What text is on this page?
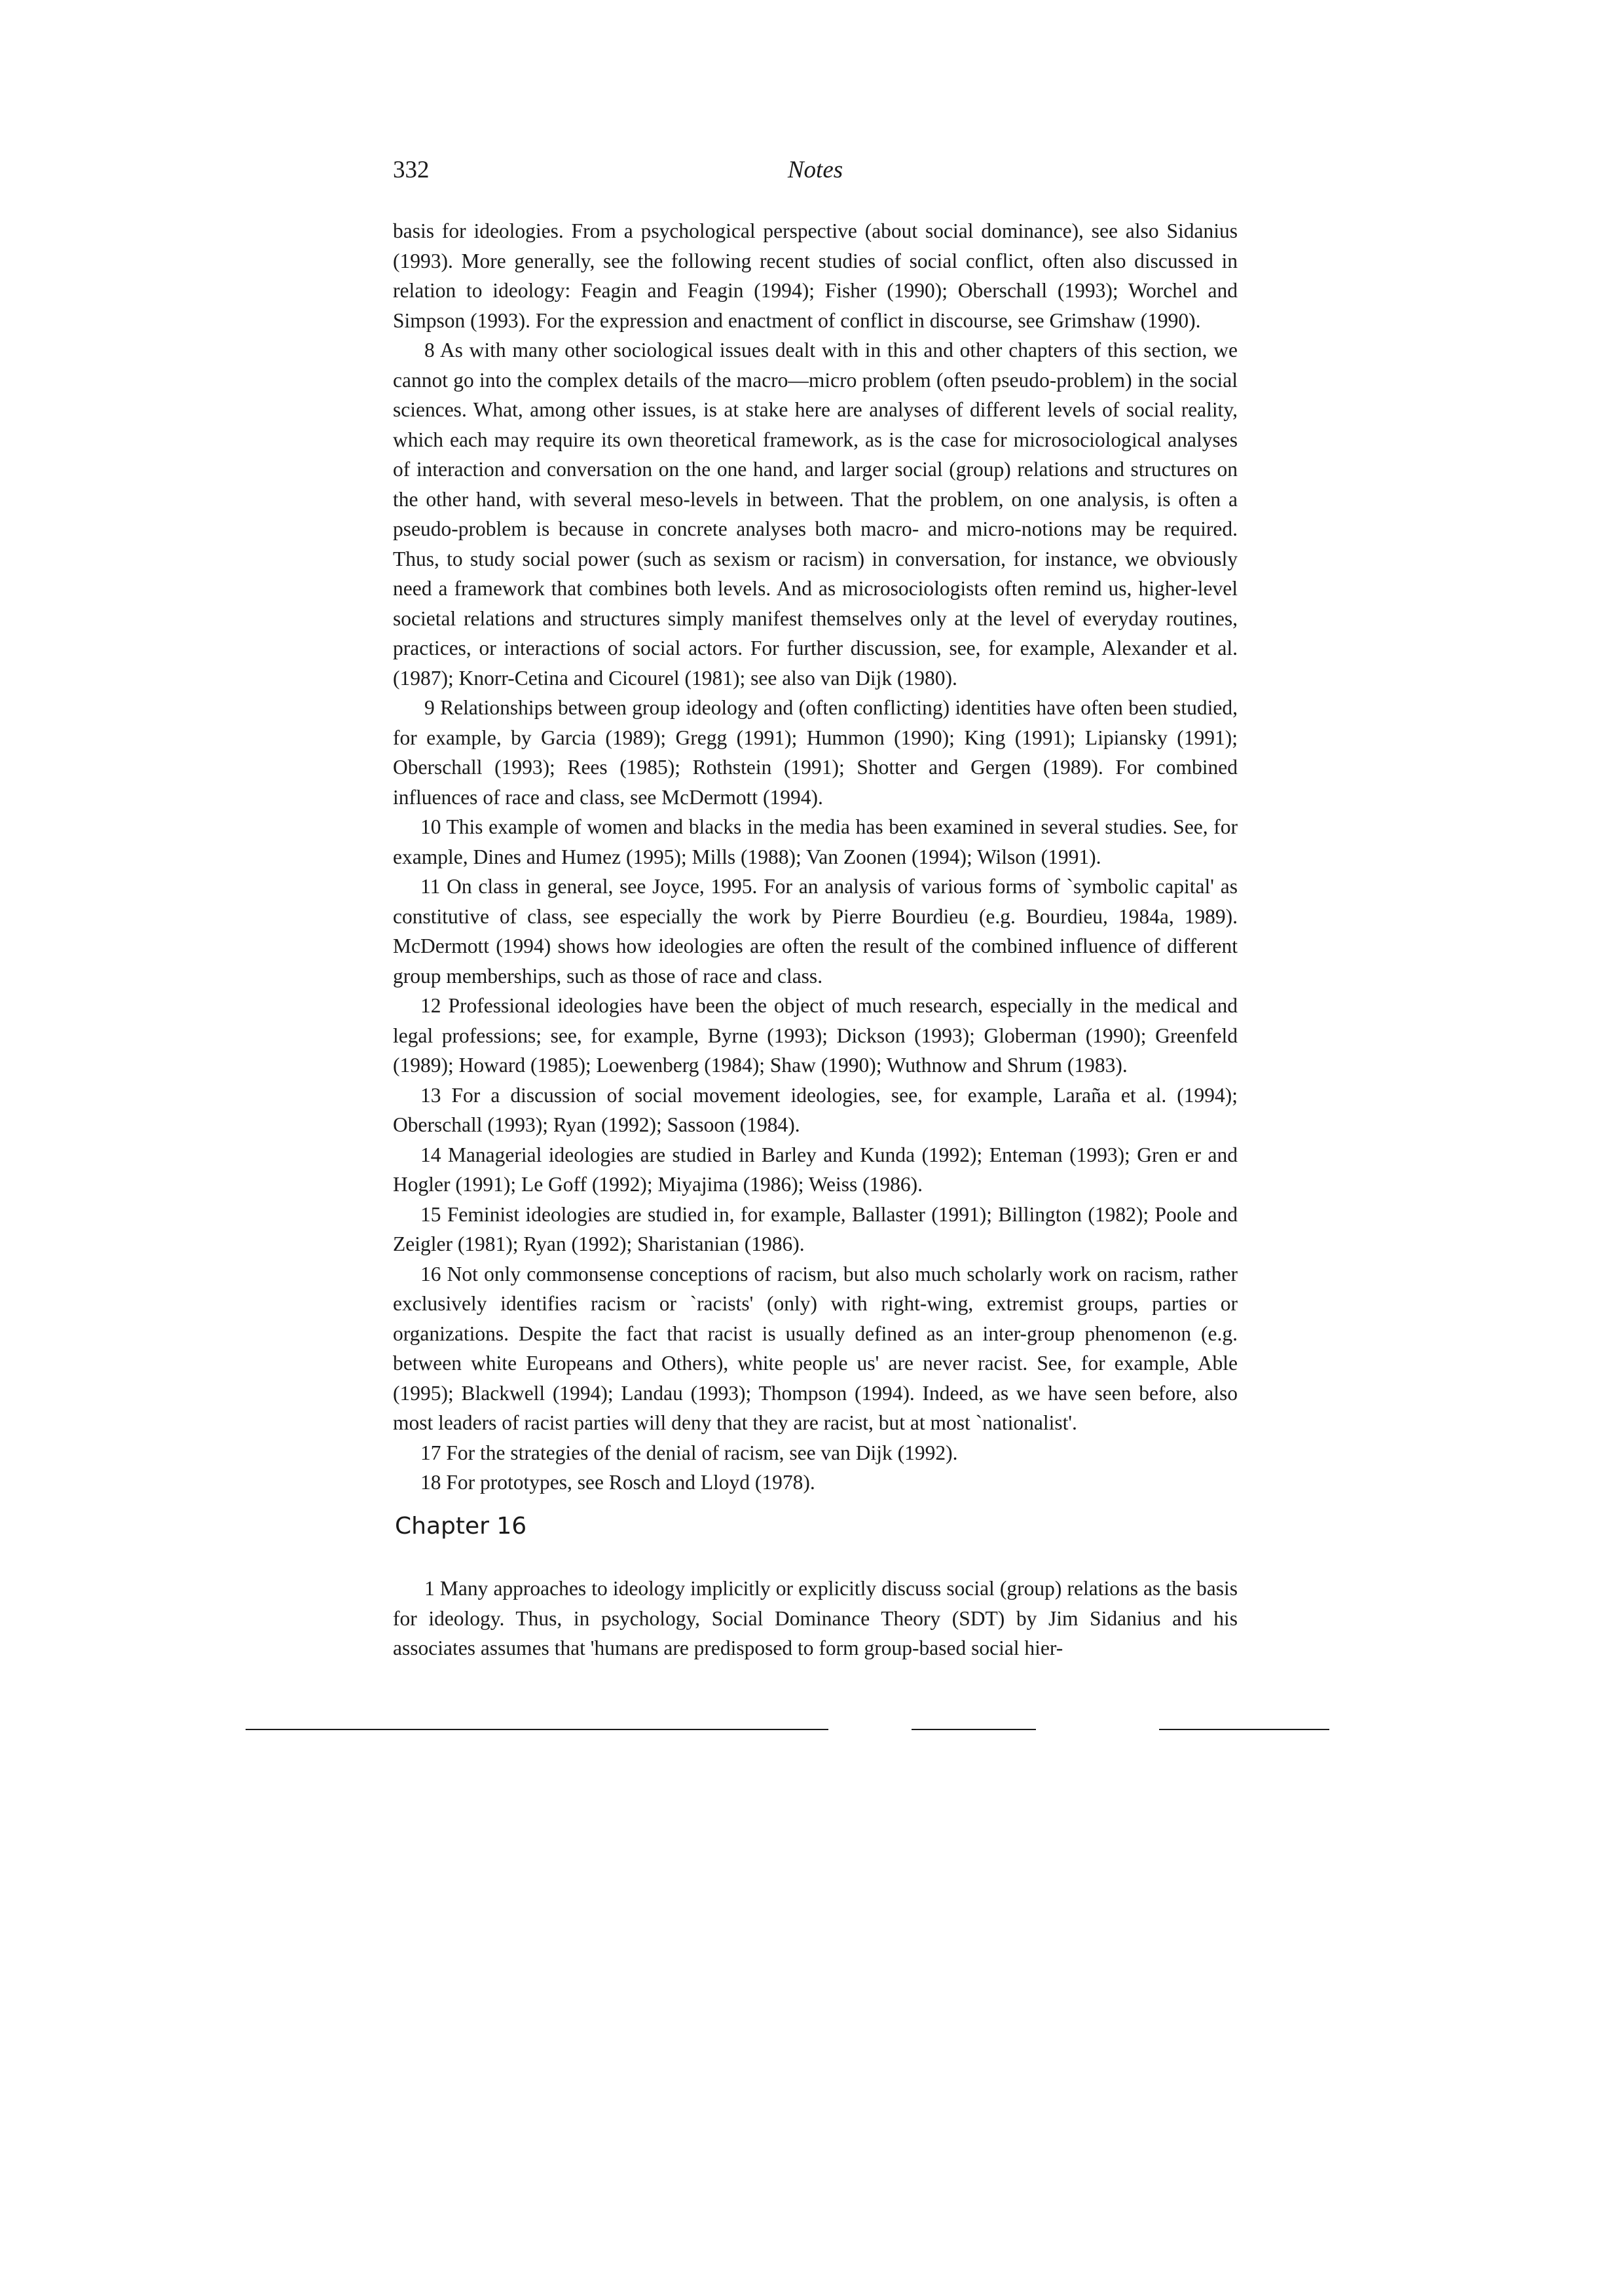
332	Notes

basis for ideologies. From a psychological perspective (about social dominance), see also Sidanius (1993). More generally, see the following recent studies of social conflict, often also discussed in relation to ideology: Feagin and Feagin (1994); Fisher (1990); Oberschall (1993); Worchel and Simpson (1993). For the expression and enactment of conflict in discourse, see Grimshaw (1990).

8 As with many other sociological issues dealt with in this and other chapters of this section, we cannot go into the complex details of the macro—micro problem (often pseudo-problem) in the social sciences. What, among other issues, is at stake here are analyses of different levels of social reality, which each may require its own theoretical framework, as is the case for microsociological analyses of interaction and conversation on the one hand, and larger social (group) relations and structures on the other hand, with several meso-levels in between. That the problem, on one analysis, is often a pseudo-problem is because in concrete analyses both macro- and micro-notions may be required. Thus, to study social power (such as sexism or racism) in conversation, for instance, we obviously need a framework that combines both levels. And as microsociologists often remind us, higher-level societal relations and structures simply manifest themselves only at the level of everyday routines, practices, or interactions of social actors. For further discussion, see, for example, Alexander et al. (1987); Knorr-Cetina and Cicourel (1981); see also van Dijk (1980).

9 Relationships between group ideology and (often conflicting) identities have often been studied, for example, by Garcia (1989); Gregg (1991); Hummon (1990); King (1991); Lipiansky (1991); Oberschall (1993); Rees (1985); Rothstein (1991); Shotter and Gergen (1989). For combined influences of race and class, see McDermott (1994).

10 This example of women and blacks in the media has been examined in several studies. See, for example, Dines and Humez (1995); Mills (1988); Van Zoonen (1994); Wilson (1991).

11 On class in general, see Joyce, 1995. For an analysis of various forms of `symbolic capital' as constitutive of class, see especially the work by Pierre Bourdieu (e.g. Bourdieu, 1984a, 1989). McDermott (1994) shows how ideologies are often the result of the combined influence of different group memberships, such as those of race and class.

12 Professional ideologies have been the object of much research, especially in the medical and legal professions; see, for example, Byrne (1993); Dickson (1993); Globerman (1990); Greenfeld (1989); Howard (1985); Loewenberg (1984); Shaw (1990); Wuthnow and Shrum (1983).

13 For a discussion of social movement ideologies, see, for example, Laraña et al. (1994); Oberschall (1993); Ryan (1992); Sassoon (1984).

14 Managerial ideologies are studied in Barley and Kunda (1992); Enteman (1993); Gren er and Hogler (1991); Le Goff (1992); Miyajima (1986); Weiss (1986).

15 Feminist ideologies are studied in, for example, Ballaster (1991); Billington (1982); Poole and Zeigler (1981); Ryan (1992); Sharistanian (1986).

16 Not only commonsense conceptions of racism, but also much scholarly work on racism, rather exclusively identifies racism or `racists' (only) with right-wing, extremist groups, parties or organizations. Despite the fact that racist is usually defined as an inter-group phenomenon (e.g. between white Europeans and Others), white people us' are never racist. See, for example, Able (1995); Blackwell (1994); Landau (1993); Thompson (1994). Indeed, as we have seen before, also most leaders of racist parties will deny that they are racist, but at most `nationalist'.

17 For the strategies of the denial of racism, see van Dijk (1992).

18 For prototypes, see Rosch and Lloyd (1978).

Chapter 16

1 Many approaches to ideology implicitly or explicitly discuss social (group) relations as the basis for ideology. Thus, in psychology, Social Dominance Theory (SDT) by Jim Sidanius and his associates assumes that 'humans are predisposed to form group-based social hier-
